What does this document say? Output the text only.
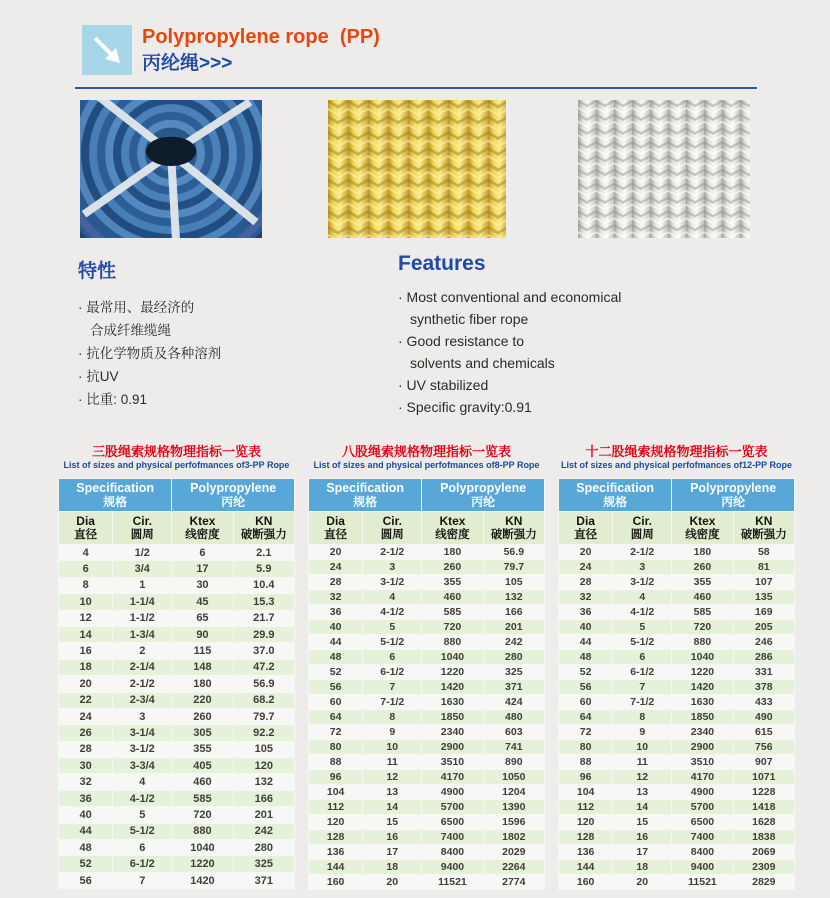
Polypropylene rope  (PP)
丙纶绳>>>
特性
· 最常用、最经济的
合成纤维缆绳
· 抗化学物质及各种溶剂
· 抗UV
· 比重: 0.91
Features
· Most conventional and economical
synthetic fiber rope
· Good resistance to
solvents and chemicals
· UV stabilized
· Specific gravity:0.91
三股绳索规格物理指标一览表
List of sizes and physical perfofmances of3-PP Rope
Specification
规格

Polypropylene
丙纶

Dia
直径

Cir.
圆周

Ktex
线密度

KN
破断强力

4	1/2	6	2.1
6	3/4	17	5.9
8	1	30	10.4
10	1-1/4	45	15.3
12	1-1/2	65	21.7
14	1-3/4	90	29.9
16	2	115	37.0
18	2-1/4	148	47.2
20	2-1/2	180	56.9
22	2-3/4	220	68.2
24	3	260	79.7
26	3-1/4	305	92.2
28	3-1/2	355	105
30	3-3/4	405	120
32	4	460	132
36	4-1/2	585	166
40	5	720	201
44	5-1/2	880	242
48	6	1040	280
52	6-1/2	1220	325
56	7	1420	371
八股绳索规格物理指标一览表
List of sizes and physical perfofmances of8-PP Rope
Specification
规格

Polypropylene
丙纶

Dia
直径

Cir.
圆周

Ktex
线密度

KN
破断强力

20	2-1/2	180	56.9
24	3	260	79.7
28	3-1/2	355	105
32	4	460	132
36	4-1/2	585	166
40	5	720	201
44	5-1/2	880	242
48	6	1040	280
52	6-1/2	1220	325
56	7	1420	371
60	7-1/2	1630	424
64	8	1850	480
72	9	2340	603
80	10	2900	741
88	11	3510	890
96	12	4170	1050
104	13	4900	1204
112	14	5700	1390
120	15	6500	1596
128	16	7400	1802
136	17	8400	2029
144	18	9400	2264
160	20	11521	2774
十二股绳索规格物理指标一览表
List of sizes and physical perfofmances of12-PP Rope
Specification
规格

Polypropylene
丙纶

Dia
直径

Cir.
圆周

Ktex
线密度

KN
破断强力

20	2-1/2	180	58
24	3	260	81
28	3-1/2	355	107
32	4	460	135
36	4-1/2	585	169
40	5	720	205
44	5-1/2	880	246
48	6	1040	286
52	6-1/2	1220	331
56	7	1420	378
60	7-1/2	1630	433
64	8	1850	490
72	9	2340	615
80	10	2900	756
88	11	3510	907
96	12	4170	1071
104	13	4900	1228
112	14	5700	1418
120	15	6500	1628
128	16	7400	1838
136	17	8400	2069
144	18	9400	2309
160	20	11521	2829
